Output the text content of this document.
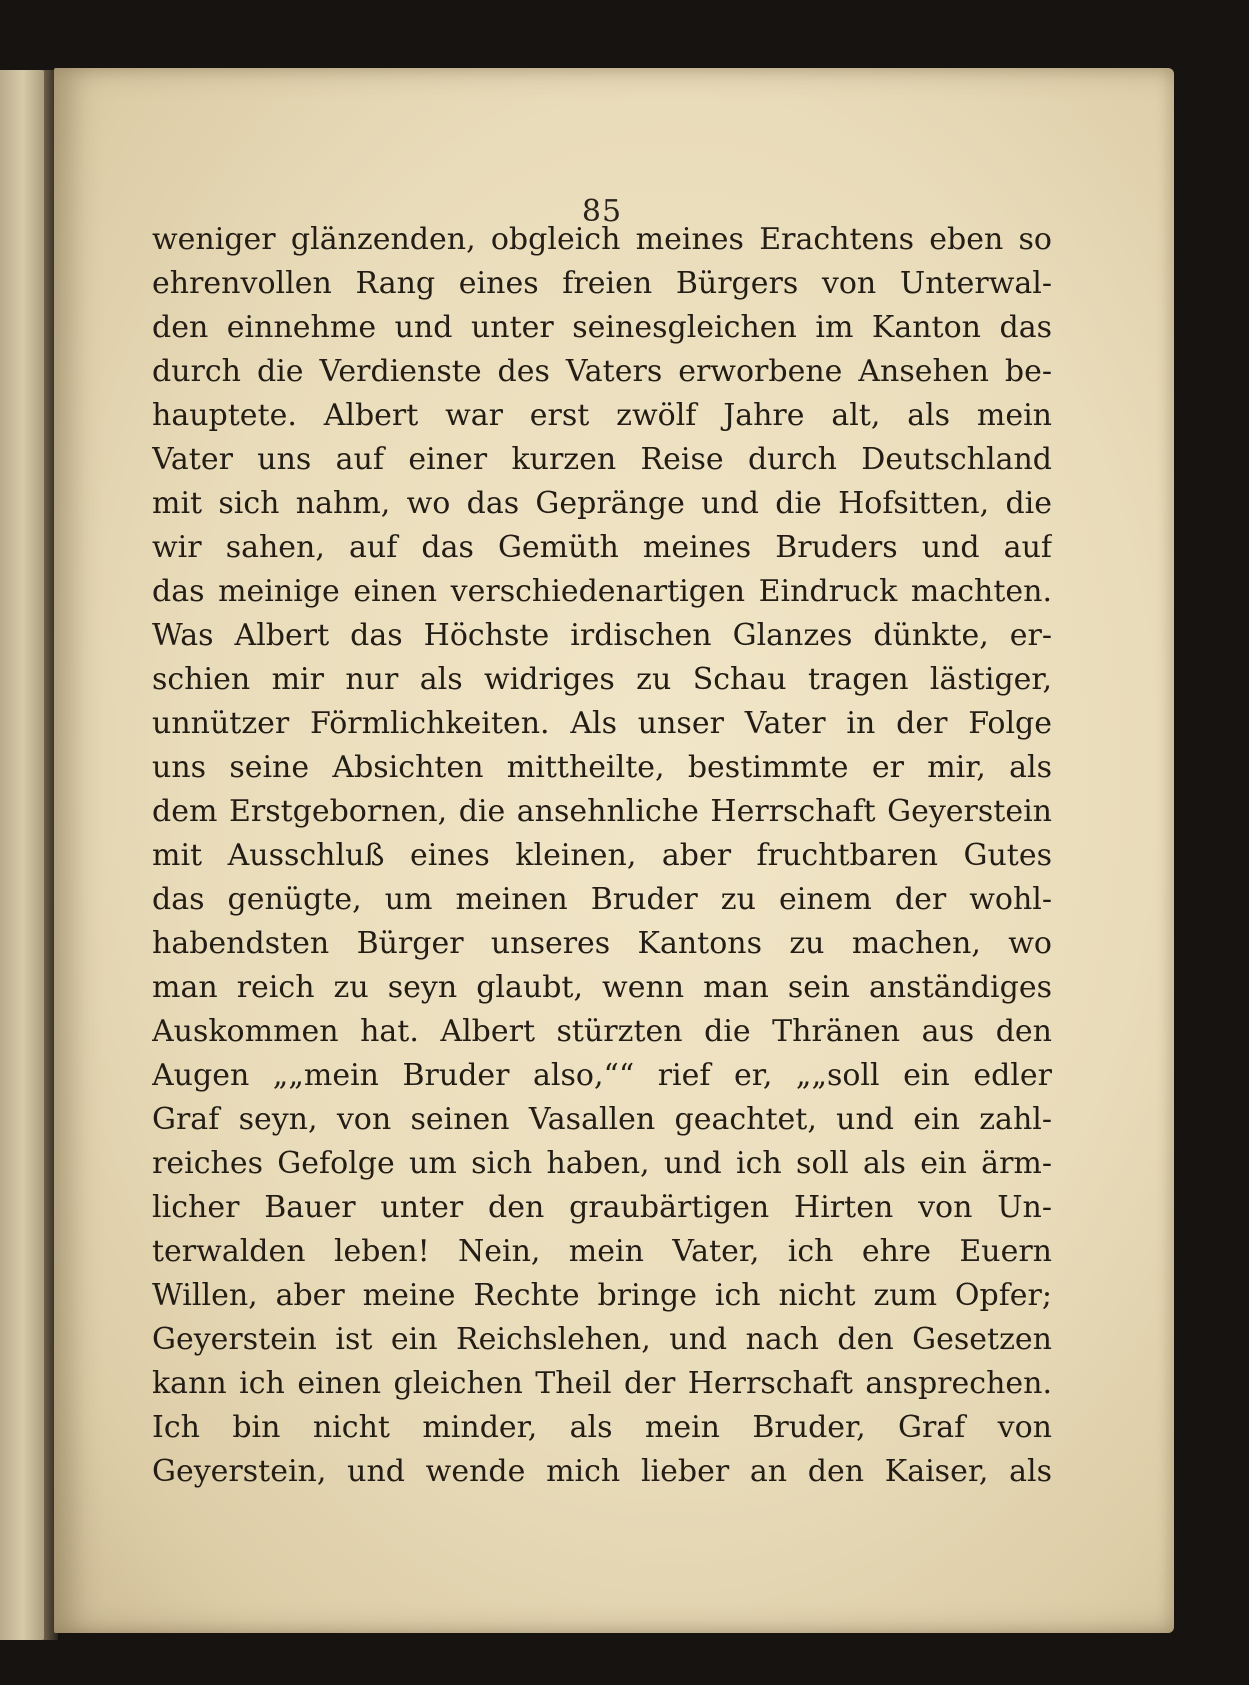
85
weniger glänzenden, obgleich meines Erachtens eben so
ehrenvollen Rang eines freien Bürgers von Unterwal-
den einnehme und unter seinesgleichen im Kanton das
durch die Verdienste des Vaters erworbene Ansehen be-
hauptete. Albert war erst zwölf Jahre alt, als mein
Vater uns auf einer kurzen Reise durch Deutschland
mit sich nahm, wo das Gepränge und die Hofsitten, die
wir sahen, auf das Gemüth meines Bruders und auf
das meinige einen verschiedenartigen Eindruck machten.
Was Albert das Höchste irdischen Glanzes dünkte, er-
schien mir nur als widriges zu Schau tragen lästiger,
unnützer Förmlichkeiten. Als unser Vater in der Folge
uns seine Absichten mittheilte, bestimmte er mir, als
dem Erstgebornen, die ansehnliche Herrschaft Geyerstein
mit Ausschluß eines kleinen, aber fruchtbaren Gutes
das genügte, um meinen Bruder zu einem der wohl-
habendsten Bürger unseres Kantons zu machen, wo
man reich zu seyn glaubt, wenn man sein anständiges
Auskommen hat. Albert stürzten die Thränen aus den
Augen „„mein Bruder also,““ rief er, „„soll ein edler
Graf seyn, von seinen Vasallen geachtet, und ein zahl-
reiches Gefolge um sich haben, und ich soll als ein ärm-
licher Bauer unter den graubärtigen Hirten von Un-
terwalden leben! Nein, mein Vater, ich ehre Euern
Willen, aber meine Rechte bringe ich nicht zum Opfer;
Geyerstein ist ein Reichslehen, und nach den Gesetzen
kann ich einen gleichen Theil der Herrschaft ansprechen.
Ich bin nicht minder, als mein Bruder, Graf von
Geyerstein, und wende mich lieber an den Kaiser, als
